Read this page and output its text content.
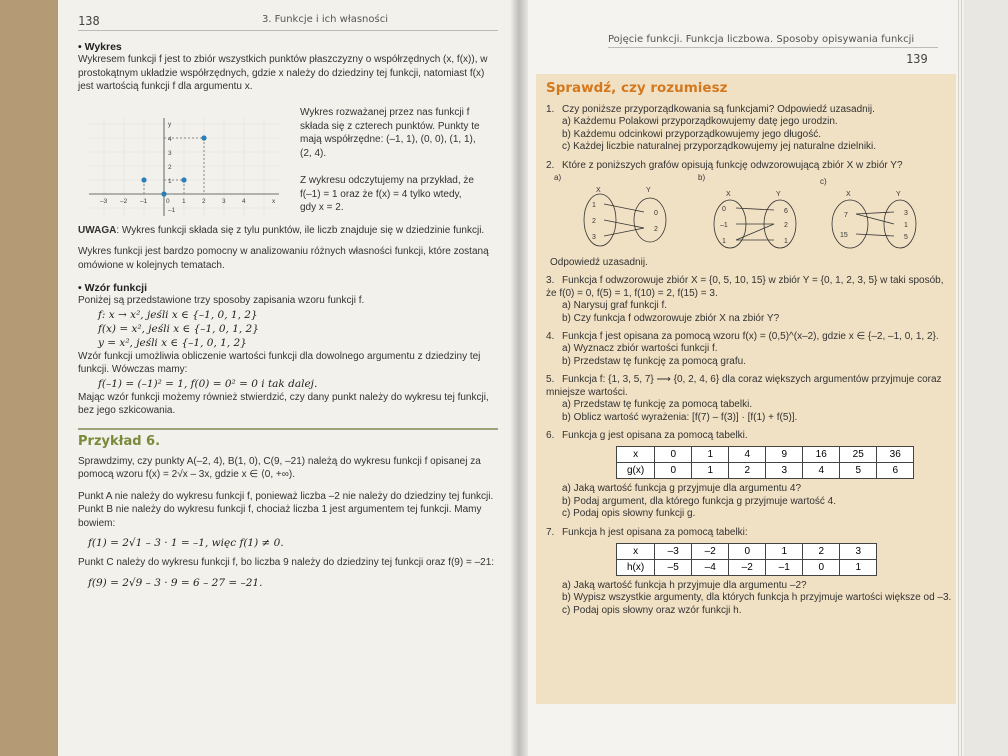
138	3. Funkcje i ich własności
• Wykres

Wykresem funkcji f jest to zbiór wszystkich punktów płaszczyzny o współrzędnych (x, f(x)), w prostokątnym układzie współrzędnych, gdzie x należy do dziedziny tej funkcji, natomiast f(x) jest wartością funkcji f dla argumentu x.

UWAGA: Wykres funkcji składa się z tylu punktów, ile liczb znajduje się w dziedzinie funkcji.

Wykres funkcji jest bardzo pomocny w analizowaniu różnych własności funkcji, które zostaną omówione w kolejnych tematach.

• Wzór funkcji

Poniżej są przedstawione trzy sposoby zapisania wzoru funkcji f.

f: x → x², jeśli x ∈ {–1, 0, 1, 2}
f(x) = x², jeśli x ∈ {–1, 0, 1, 2}
y = x², jeśli x ∈ {–1, 0, 1, 2}

Wzór funkcji umożliwia obliczenie wartości funkcji dla dowolnego argumentu z dziedziny tej funkcji. Wówczas mamy:

f(–1) = (–1)² = 1, f(0) = 0² = 0 i tak dalej.

Mając wzór funkcji możemy również stwierdzić, czy dany punkt należy do wykresu tej funkcji, bez jego szkicowania.

Przykład 6.

Sprawdzimy, czy punkty A(–2, 4), B(1, 0), C(9, –21) należą do wykresu funkcji f opisanej za pomocą wzoru f(x) = 2√x – 3x, gdzie x ∈ ⟨0, +∞).

Punkt A nie należy do wykresu funkcji f, ponieważ liczba –2 nie należy do dziedziny tej funkcji.

Punkt B nie należy do wykresu funkcji f, chociaż liczba 1 jest argumentem tej funkcji. Mamy bowiem:

f(1) = 2√1 – 3 · 1 = –1, więc f(1) ≠ 0.

Punkt C należy do wykresu funkcji f, bo liczba 9 należy do dziedziny tej funkcji oraz f(9) = –21:

f(9) = 2√9 – 3 · 9 = 6 – 27 = –21.
–3 –2 –1	0 1	2	3	4	x
y
4
3
2
1
–1

Wykres rozważanej przez nas funkcji f składa się z czterech punktów. Punkty te mają współrzędne: (–1, 1), (0, 0), (1, 1), (2, 4).

Z wykresu odczytujemy na przykład, że f(–1) = 1 oraz że f(x) = 4 tylko wtedy, gdy x = 2.

Pojęcie funkcji. Funkcja liczbowa. Sposoby opisywania funkcji
139
Sprawdź, czy rozumiesz
1. Czy poniższe przyporządkowania są funkcjami? Odpowiedź uzasadnij.
a) Każdemu Polakowi przyporządkowujemy datę jego urodzin.
b) Każdemu odcinkowi przyporządkowujemy jego długość.
c) Każdej liczbie naturalnej przyporządkowujemy jej naturalne dzielniki.
2. Które z poniższych grafów opisują funkcję odwzorowującą zbiór X w zbiór Y?
a)	b)	c)
X	Y
1
2
3
0
2
X	Y
0
–1
1
6
2
1
X	Y
7
15
3
1
5
Odpowiedź uzasadnij.
3. Funkcja f odwzorowuje zbiór X = {0, 5, 10, 15} w zbiór Y = {0, 1, 2, 3, 5} w taki sposób, że f(0) = 0, f(5) = 1, f(10) = 2, f(15) = 3.
a) Narysuj graf funkcji f.
b) Czy funkcja f odwzorowuje zbiór X na zbiór Y?
4. Funkcja f jest opisana za pomocą wzoru f(x) = (0,5)^(x–2), gdzie x ∈ {–2, –1, 0, 1, 2}.
a) Wyznacz zbiór wartości funkcji f.
b) Przedstaw tę funkcję za pomocą grafu.
5. Funkcja f: {1, 3, 5, 7} ⟶ {0, 2, 4, 6} dla coraz większych argumentów przyjmuje coraz mniejsze wartości.
a) Przedstaw tę funkcję za pomocą tabelki.
b) Oblicz wartość wyrażenia: [f(7) – f(3)] · [f(1) + f(5)].
6. Funkcja g jest opisana za pomocą tabelki.
x	0	1	4	9	16	25	36
g(x)	0	1	2	3	4	5	6
a) Jaką wartość funkcja g przyjmuje dla argumentu 4?
b) Podaj argument, dla którego funkcja g przyjmuje wartość 4.
c) Podaj opis słowny funkcji g.
7. Funkcja h jest opisana za pomocą tabelki:
x	–3	–2	0	1	2	3
h(x)	–5	–4	–2	–1	0	1
a) Jaką wartość funkcja h przyjmuje dla argumentu –2?
b) Wypisz wszystkie argumenty, dla których funkcja h przyjmuje wartości większe od –3.
c) Podaj opis słowny oraz wzór funkcji h.
